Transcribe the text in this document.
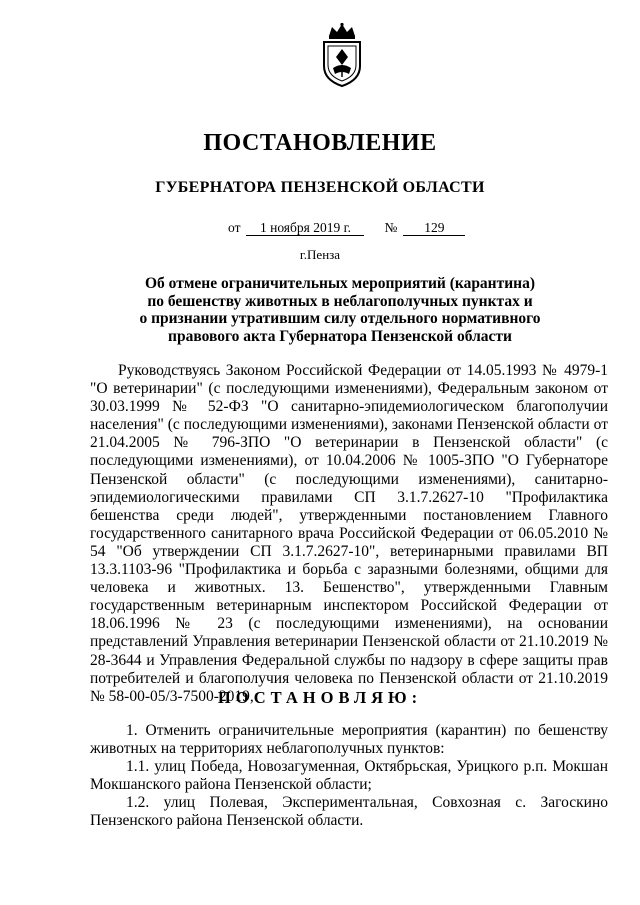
ПОСТАНОВЛЕНИЕ
ГУБЕРНАТОРА ПЕНЗЕНСКОЙ ОБЛАСТИ
от	1 ноября 2019 г.	№	129
г.Пенза
Об отмене ограничительных мероприятий (карантина)
по бешенству животных в неблагополучных пунктах и
о признании утратившим силу отдельного нормативного
правового акта Губернатора Пензенской области

Руководствуясь Законом Российской Федерации от 14.05.1993 № 4979-1 "О ветеринарии" (с последующими изменениями), Федеральным законом от 30.03.1999 № 52-ФЗ "О санитарно-эпидемиологическом благополучии населения" (с последующими изменениями), законами Пензенской области от 21.04.2005 № 796-ЗПО "О ветеринарии в Пензенской области" (с последующими изменениями), от 10.04.2006 № 1005-ЗПО "О Губернаторе Пензенской области" (с последующими изменениями), санитарно-эпидемиологическими правилами СП 3.1.7.2627-10 "Профилактика бешенства среди людей", утвержденными постановлением Главного государственного санитарного врача Российской Федерации от 06.05.2010 № 54 "Об утверждении СП 3.1.7.2627-10", ветеринарными правилами ВП 13.3.1103-96 "Профилактика и борьба с заразными болезнями, общими для человека и животных. 13. Бешенство", утвержденными Главным государственным ветеринарным инспектором Российской Федерации от 18.06.1996 № 23 (с последующими изменениями), на основании представлений Управления ветеринарии Пензенской области от 21.10.2019 № 28-3644 и Управления Федеральной службы по надзору в сфере защиты прав потребителей и благополучия человека по Пензенской области от 21.10.2019 № 58-00-05/3-7500-2019,

ПОСТАНОВЛЯЮ:

1. Отменить ограничительные мероприятия (карантин) по бешенству животных на территориях неблагополучных пунктов:

1.1. улиц Победа, Новозагуменная, Октябрьская, Урицкого р.п. Мокшан Мокшанского района Пензенской области;

1.2. улиц Полевая, Экспериментальная, Совхозная с. Загоскино Пензенского района Пензенской области.
